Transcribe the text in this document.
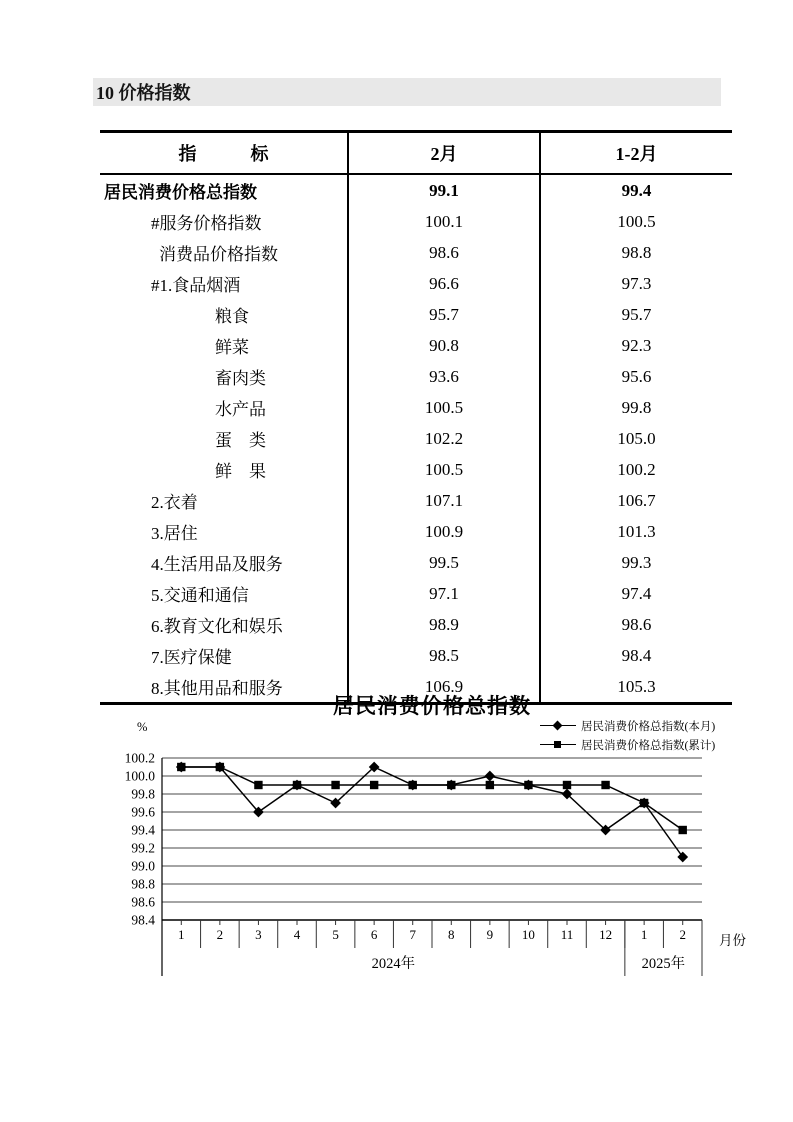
10 价格指数
指　　　标	2月	1-2月
居民消费价格总指数	99.1	99.4
#服务价格指数	100.1	100.5
消费品价格指数	98.6	98.8
#1.食品烟酒	96.6	97.3
粮食	95.7	95.7
鲜菜	90.8	92.3
畜肉类	93.6	95.6
水产品	100.5	99.8
蛋　类	102.2	105.0
鲜　果	100.5	100.2
2.衣着	107.1	106.7
3.居住	100.9	101.3
4.生活用品及服务	99.5	99.3
5.交通和通信	97.1	97.4
6.教育文化和娱乐	98.9	98.6
7.医疗保健	98.5	98.4
8.其他用品和服务	106.9	105.3
居民消费价格总指数
居民消费价格总指数(本月)
居民消费价格总指数(累计)
%
100.2
100.0
99.8
99.6
99.4
99.2
99.0
98.8
98.6
98.4
1 2 3 4 5 6 7 8 9 10 11 12 1 2
2024年	2025年
月份
